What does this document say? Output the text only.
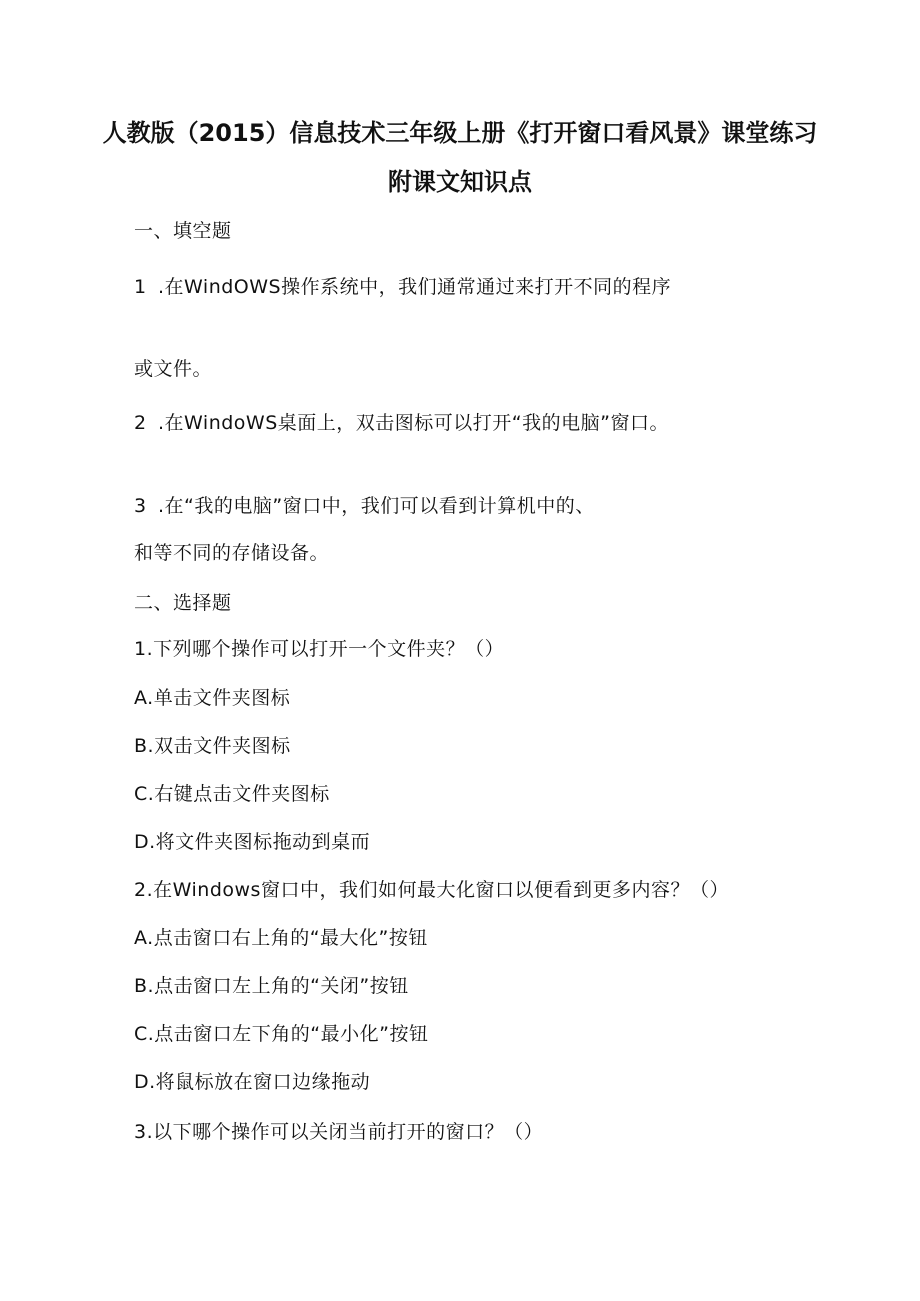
人教版（2015）信息技术三年级上册《打开窗口看风景》课堂练习
附课文知识点
一、填空题
1 .在WindOWS操作系统中，我们通常通过来打开不同的程序
或文件。
2 .在WindoWS桌面上，双击图标可以打开“我的电脑”窗口。
3 .在“我的电脑”窗口中，我们可以看到计算机中的、
和等不同的存储设备。
二、选择题
1.下列哪个操作可以打开一个文件夹？（）
A.单击文件夹图标
B.双击文件夹图标
C.右键点击文件夹图标
D.将文件夹图标拖动到桌而
2.在Windows窗口中，我们如何最大化窗口以便看到更多内容？（）
A.点击窗口右上角的“最大化”按钮
B.点击窗口左上角的“关闭”按钮
C.点击窗口左下角的“最小化”按钮
D.将鼠标放在窗口边缘拖动
3.以下哪个操作可以关闭当前打开的窗口？（）
